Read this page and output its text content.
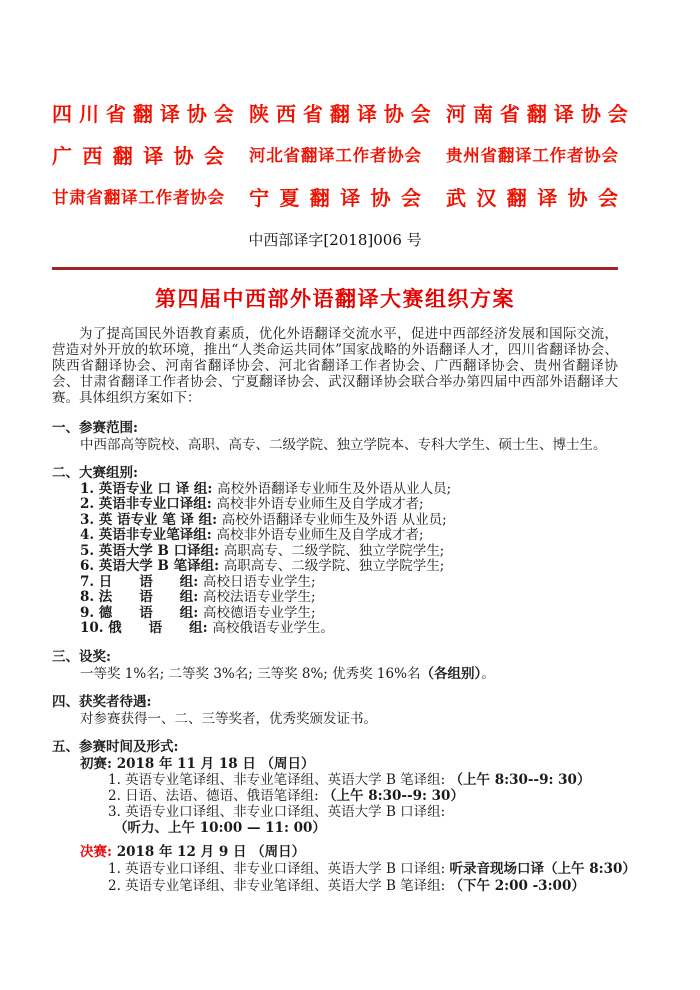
四 川 省 翻 译 协 会 陕 西 省 翻 译 协 会 河 南 省 翻 译 协 会
广 西 翻 译 协 会 河北省翻译工作者协会 贵州省翻译工作者协会
甘肃省翻译工作者协会 宁 夏 翻 译 协 会 武 汉 翻 译 协 会
中西部译字[2018]006 号
第四届中西部外语翻译大赛组织方案

为了提高国民外语教育素质，优化外语翻译交流水平，促进中西部经济发展和国际交流，营造对外开放的软环境，推出“人类命运共同体”国家战略的外语翻译人才，四川省翻译协会、陕西省翻译协会、河南省翻译协会、河北省翻译工作者协会、广西翻译协会、贵州省翻译协会、甘肃省翻译工作者协会、宁夏翻译协会、武汉翻译协会联合举办第四届中西部外语翻译大赛。具体组织方案如下：

一、参赛范围:
中西部高等院校、高职、高专、二级学院、独立学院本、专科大学生、硕士生、博士生。
二、大赛组别:
1. 英语专业 口 译 组: 高校外语翻译专业师生及外语从业人员;
2. 英语非专业口译组: 高校非外语专业师生及自学成才者;
3. 英 语专业 笔 译 组: 高校外语翻译专业师生及外语 从业员;
4. 英语非专业笔译组: 高校非外语专业师生及自学成才者;
5. 英语大学 B 口译组: 高职高专、二级学院、独立学院学生;
6. 英语大学 B 笔译组: 高职高专、二级学院、独立学院学生;
7. 日　　语　　组: 高校日语专业学生;
8. 法　　语　　组: 高校法语专业学生;
9. 德　　语　　组: 高校德语专业学生;
10. 俄　　语　　组: 高校俄语专业学生。
三、设奖:
一等奖 1%名; 二等奖 3%名; 三等奖 8%; 优秀奖 16%名（各组别）。
四、获奖者待遇:
对参赛获得一、二、三等奖者，优秀奖颁发证书。
五、参赛时间及形式:
初赛: 2018 年 11 月 18 日 （周日）
1. 英语专业笔译组、非专业笔译组、英语大学 B 笔译组: （上午 8:30--9: 30）
2. 日语、法语、德语、俄语笔译组: （上午 8:30--9: 30）
3. 英语专业口译组、非专业口译组、英语大学 B 口译组:
（听力、上午 10:00 — 11: 00）
决赛: 2018 年 12 月 9 日 （周日）
1. 英语专业口译组、非专业口译组、英语大学 B 口译组: 听录音现场口译（上午 8:30）
2. 英语专业笔译组、非专业笔译组、英语大学 B 笔译组: （下午 2:00 -3:00）
